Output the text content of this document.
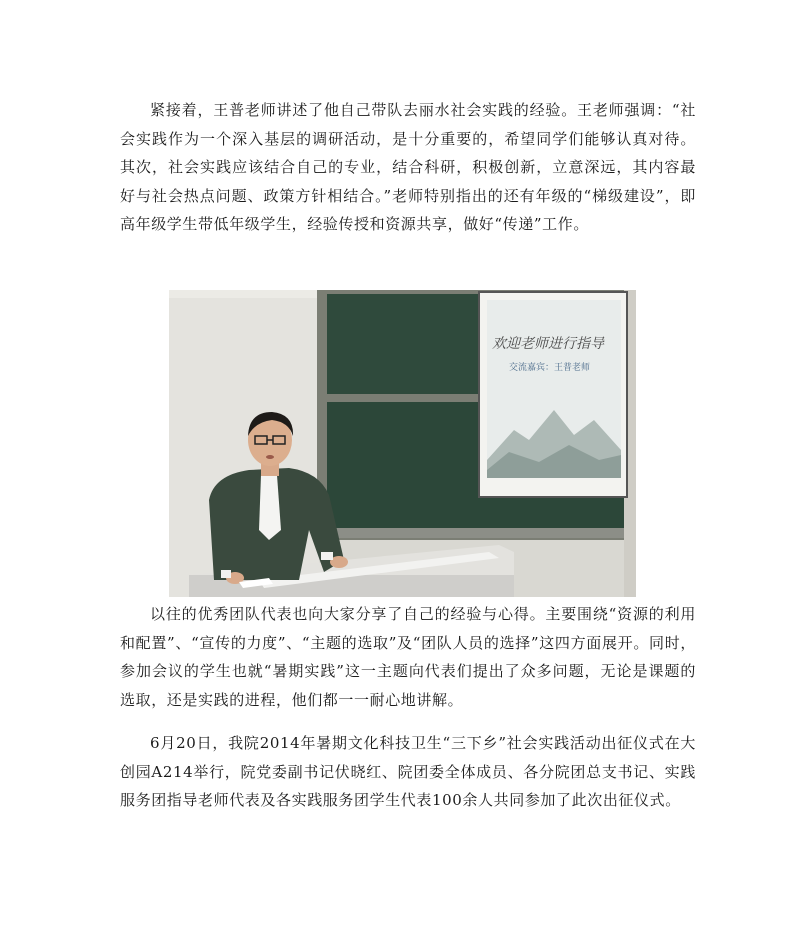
紧接着，王普老师讲述了他自己带队去丽水社会实践的经验。王老师强调：“社会实践作为一个深入基层的调研活动，是十分重要的，希望同学们能够认真对待。其次，社会实践应该结合自己的专业，结合科研，积极创新，立意深远，其内容最好与社会热点问题、政策方针相结合。”老师特别指出的还有年级的“梯级建设”，即高年级学生带低年级学生，经验传授和资源共享，做好“传递”工作。

欢迎老师进行指导
交流嘉宾：王普老师

以往的优秀团队代表也向大家分享了自己的经验与心得。主要围绕“资源的利用和配置”、“宣传的力度”、“主题的选取”及“团队人员的选择”这四方面展开。同时，参加会议的学生也就“暑期实践”这一主题向代表们提出了众多问题，无论是课题的选取，还是实践的进程，他们都一一耐心地讲解。

6月20日，我院2014年暑期文化科技卫生“三下乡”社会实践活动出征仪式在大创园A214举行，院党委副书记伏晓红、院团委全体成员、各分院团总支书记、实践服务团指导老师代表及各实践服务团学生代表100余人共同参加了此次出征仪式。
